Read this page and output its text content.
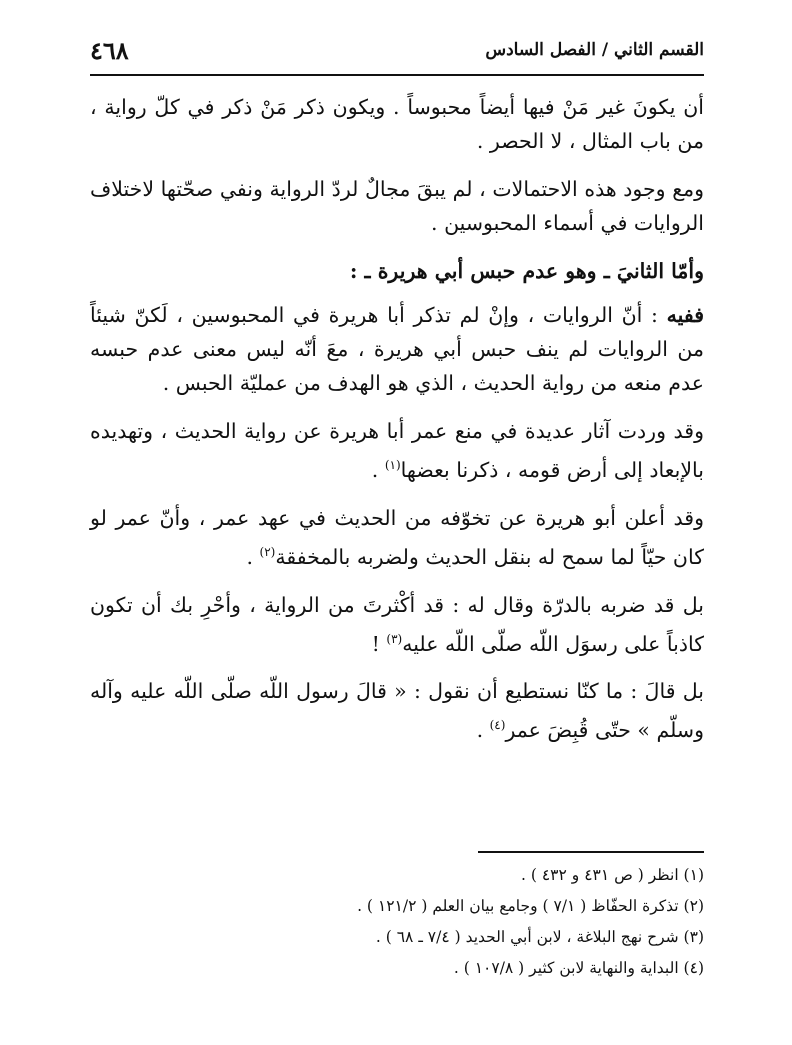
القسم الثاني / الفصل السادس
٤٦٨

أن يكونَ غير مَنْ فيها أيضاً محبوساً . ويكون ذكر مَنْ ذكر في كلّ رواية ، من باب المثال ، لا الحصر .

ومع وجود هذه الاحتمالات ، لم يبقَ مجالٌ لردّ الرواية ونفي صحّتها لاختلاف الروايات في أسماء المحبوسين .

وأمّا الثانيَ ـ وهو عدم حبس أبي هريرة ـ :

ففيه : أنّ الروايات ، وإنْ لم تذكر أبا هريرة في المحبوسين ، لَكنّ شيئاً من الروايات لم ينف حبس أبي هريرة ، معَ أنّه ليس معنى عدم حبسه عدم منعه من رواية الحديث ، الذي هو الهدف من عمليّة الحبس .

وقد وردت آثار عديدة في منع عمر أبا هريرة عن رواية الحديث ، وتهديده بالإبعاد إلى أرض قومه ، ذكرنا بعضها$^{(١)}$ .

وقد أعلن أبو هريرة عن تخوّفه من الحديث في عهد عمر ، وأنّ عمر لو كان حيّاً لما سمح له بنقل الحديث ولضربه بالمخفقة$^{(٢)}$ .

بل قد ضربه بالدرّة وقال له : قد أكْثرتَ من الرواية ، وأحْرِ بك أن تكون كاذباً على رسوَل اللّه صلّى اللّه عليه$^{(٣)}$ !

بل قالَ : ما كنّا نستطيع أن نقول : « قالَ رسول اللّه صلّى اللّه عليه وآله وسلّم » حتّى قُبِضَ عمر$^{(٤)}$ .

(١) انظر ( ص ٤٣١ و ٤٣٢ ) .

(٢) تذكرة الحفّاظ ( ٧/١ ) وجامع بيان العلم ( ١٢١/٢ ) .

(٣) شرح نهج البلاغة ، لابن أبي الحديد ( ٧/٤ ـ ٦٨ ) .

(٤) البداية والنهاية لابن كثير ( ١٠٧/٨ ) .
